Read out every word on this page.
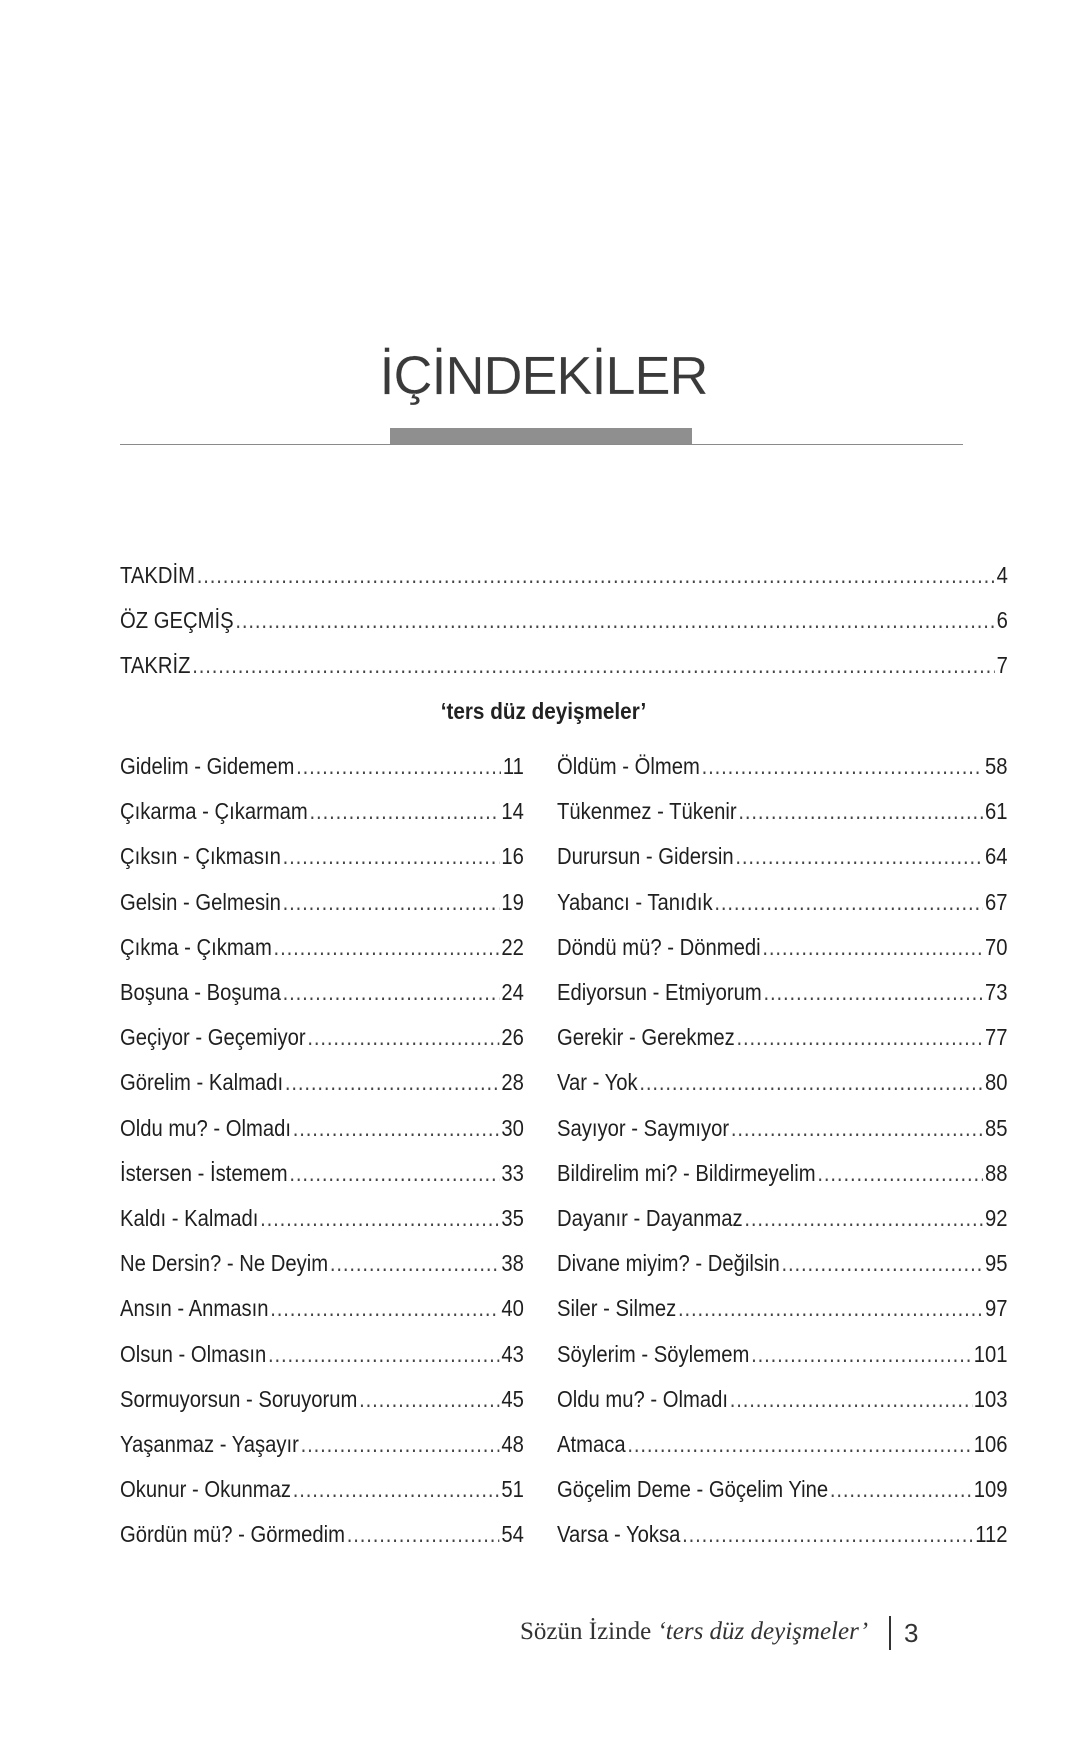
İÇİNDEKİLER
TAKDİM .....	4
ÖZ GEÇMİŞ .....	6
TAKRİZ .....	7
‘ters düz deyişmeler’
Gidelim - Gidemem .....	11
Çıkarma - Çıkarmam .....	14
Çıksın - Çıkmasın .....	16
Gelsin - Gelmesin .....	19
Çıkma - Çıkmam .....	22
Boşuna - Boşuma .....	24
Geçiyor - Geçemiyor .....	26
Görelim - Kalmadı .....	28
Oldu mu? - Olmadı .....	30
İstersen - İstemem .....	33
Kaldı - Kalmadı .....	35
Ne Dersin? - Ne Deyim .....	38
Ansın - Anmasın .....	40
Olsun - Olmasın .....	43
Sormuyorsun - Soruyorum .....	45
Yaşanmaz - Yaşayır .....	48
Okunur - Okunmaz .....	51
Gördün mü? - Görmedim .....	54
Öldüm - Ölmem .....	58
Tükenmez - Tükenir .....	61
Durursun - Gidersin .....	64
Yabancı - Tanıdık .....	67
Döndü mü? - Dönmedi .....	70
Ediyorsun - Etmiyorum .....	73
Gerekir - Gerekmez .....	77
Var - Yok .....	80
Sayıyor - Saymıyor .....	85
Bildirelim mi? - Bildirmeyelim .....	88
Dayanır - Dayanmaz .....	92
Divane miyim? - Değilsin .....	95
Siler - Silmez .....	97
Söylerim - Söylemem .....	101
Oldu mu? - Olmadı .....	103
Atmaca .....	106
Göçelim Deme - Göçelim Yine .....	109
Varsa - Yoksa .....	112
Sözün İzinde ‘ters düz deyişmeler’ 3
